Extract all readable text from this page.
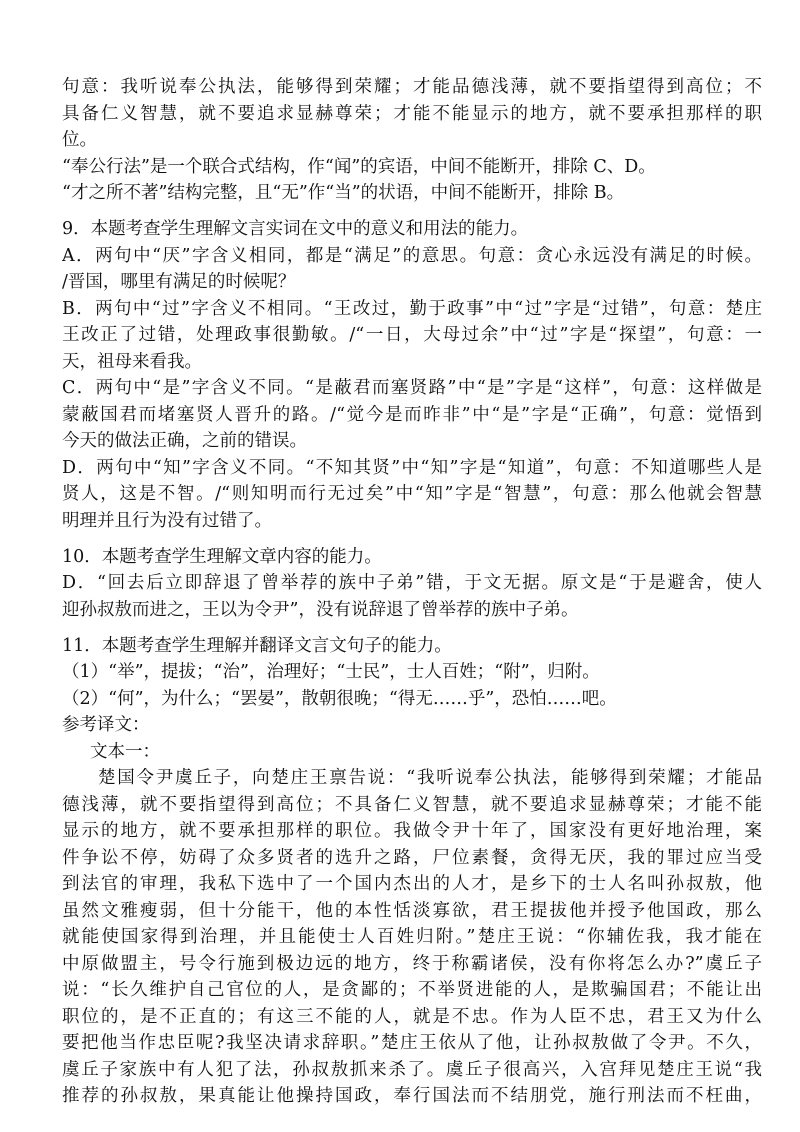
句意：我听说奉公执法，能够得到荣耀；才能品德浅薄，就不要指望得到高位；不
具备仁义智慧，就不要追求显赫尊荣；才能不能显示的地方，就不要承担那样的职
位。
“奉公行法”是一个联合式结构，作“闻”的宾语，中间不能断开，排除 C、D。
“才之所不著”结构完整，且“无”作“当”的状语，中间不能断开，排除 B。
9．本题考查学生理解文言实词在文中的意义和用法的能力。
A．两句中“厌”字含义相同，都是“满足”的意思。句意：贪心永远没有满足的时候。
/晋国，哪里有满足的时候呢？
B．两句中“过”字含义不相同。“王改过，勤于政事”中“过”字是“过错”，句意：楚庄
王改正了过错，处理政事很勤敏。/“一日，大母过余”中“过”字是“探望”，句意：一
天，祖母来看我。
C．两句中“是”字含义不同。“是蔽君而塞贤路”中“是”字是“这样”，句意：这样做是
蒙蔽国君而堵塞贤人晋升的路。/“觉今是而昨非”中“是”字是“正确”，句意：觉悟到
今天的做法正确，之前的错误。
D．两句中“知”字含义不同。“不知其贤”中“知”字是“知道”，句意：不知道哪些人是
贤人，这是不智。/“则知明而行无过矣”中“知”字是“智慧”，句意：那么他就会智慧
明理并且行为没有过错了。
10．本题考查学生理解文章内容的能力。
D．“回去后立即辞退了曾举荐的族中子弟”错，于文无据。原文是“于是避舍，使人
迎孙叔敖而进之，王以为令尹”，没有说辞退了曾举荐的族中子弟。
11．本题考查学生理解并翻译文言文句子的能力。
（1）“举”，提拔；“治”，治理好；“士民”，士人百姓；“附”，归附。
（2）“何”，为什么；“罢晏”，散朝很晚；“得无……乎”，恐怕……吧。
参考译文：
文本一：
楚国令尹虞丘子，向楚庄王禀告说：“我听说奉公执法，能够得到荣耀；才能品
德浅薄，就不要指望得到高位；不具备仁义智慧，就不要追求显赫尊荣；才能不能
显示的地方，就不要承担那样的职位。我做令尹十年了，国家没有更好地治理，案
件争讼不停，妨碍了众多贤者的选升之路，尸位素餐，贪得无厌，我的罪过应当受
到法官的审理，我私下选中了一个国内杰出的人才，是乡下的士人名叫孙叔敖，他
虽然文雅瘦弱，但十分能干，他的本性恬淡寡欲，君王提拔他并授予他国政，那么
就能使国家得到治理，并且能使士人百姓归附。”楚庄王说：“你辅佐我，我才能在
中原做盟主，号令行施到极边远的地方，终于称霸诸侯，没有你将怎么办?”虞丘子
说：“长久维护自己官位的人，是贪鄙的；不举贤进能的人，是欺骗国君；不能让出
职位的，是不正直的；有这三不能的人，就是不忠。作为人臣不忠，君王又为什么
要把他当作忠臣呢?我坚决请求辞职。”楚庄王依从了他，让孙叔敖做了令尹。不久，
虞丘子家族中有人犯了法，孙叔敖抓来杀了。虞丘子很高兴，入宫拜见楚庄王说“我
推荐的孙叔敖，果真能让他操持国政，奉行国法而不结朋党，施行刑法而不枉曲，
